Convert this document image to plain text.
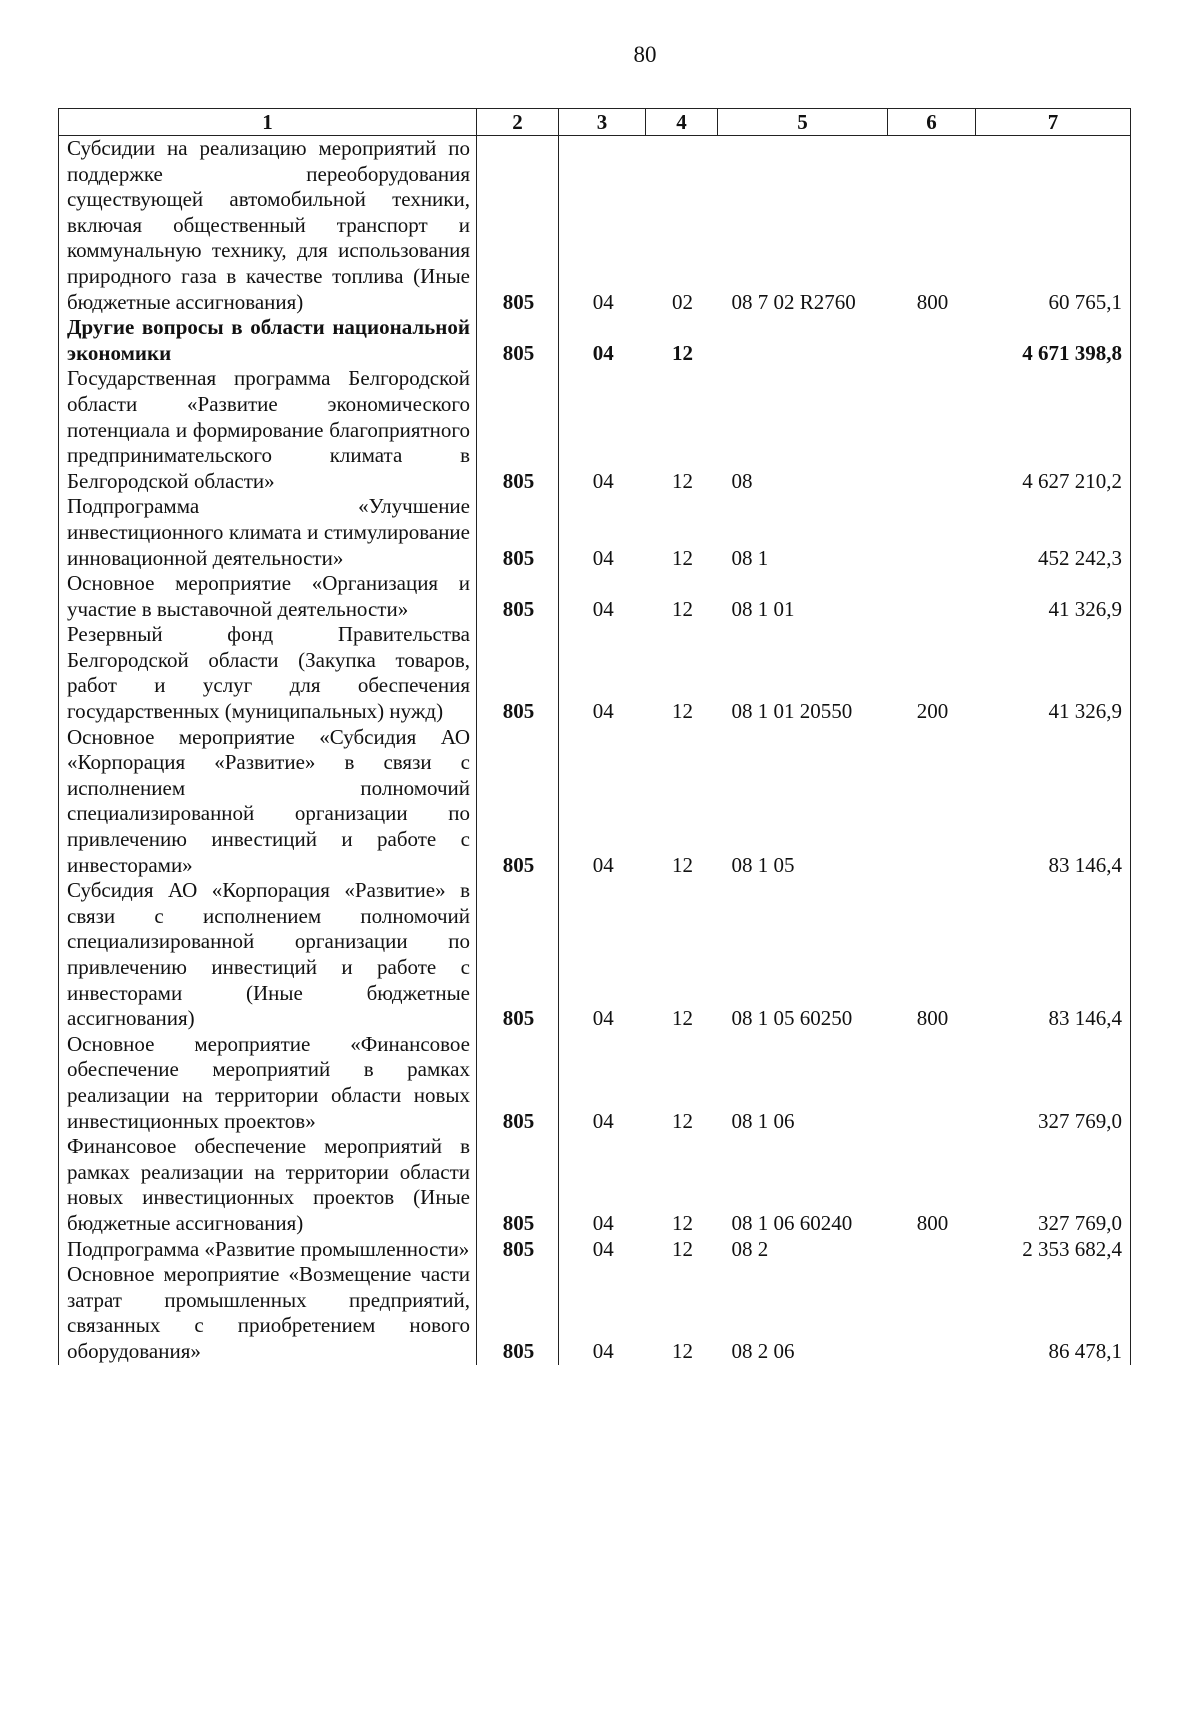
80
1	2	3	4	5	6	7
Субсидии на реализацию мероприятий по поддержке переоборудования существующей автомобильной техники, включая общественный транспорт и коммунальную технику, для использования природного газа в качестве топлива (Иные бюджетные ассигнования)	805	04	02	08 7 02 R2760	800	60 765,1
Другие вопросы в области национальной экономики	805	04	12			4 671 398,8
Государственная программа Белгородской области «Развитие экономического потенциала и формирование благоприятного предпринимательского климата в Белгородской области»	805	04	12	08		4 627 210,2
Подпрограмма «Улучшение инвестиционного климата и стимулирование инновационной деятельности»	805	04	12	08 1		452 242,3
Основное мероприятие «Организация и участие в выставочной деятельности»	805	04	12	08 1 01		41 326,9
Резервный фонд Правительства Белгородской области (Закупка товаров, работ и услуг для обеспечения государственных (муниципальных) нужд)	805	04	12	08 1 01 20550	200	41 326,9
Основное мероприятие «Субсидия АО «Корпорация «Развитие» в связи с исполнением полномочий специализированной организации по привлечению инвестиций и работе с инвесторами»	805	04	12	08 1 05		83 146,4
Субсидия АО «Корпорация «Развитие» в связи с исполнением полномочий специализированной организации по привлечению инвестиций и работе с инвесторами (Иные бюджетные ассигнования)	805	04	12	08 1 05 60250	800	83 146,4
Основное мероприятие «Финансовое обеспечение мероприятий в рамках реализации на территории области новых инвестиционных проектов»	805	04	12	08 1 06		327 769,0
Финансовое обеспечение мероприятий в рамках реализации на территории области новых инвестиционных проектов (Иные бюджетные ассигнования)	805	04	12	08 1 06 60240	800	327 769,0
Подпрограмма «Развитие промышленности»	805	04	12	08 2		2 353 682,4
Основное мероприятие «Возмещение части затрат промышленных предприятий, связанных с приобретением нового оборудования»	805	04	12	08 2 06		86 478,1
